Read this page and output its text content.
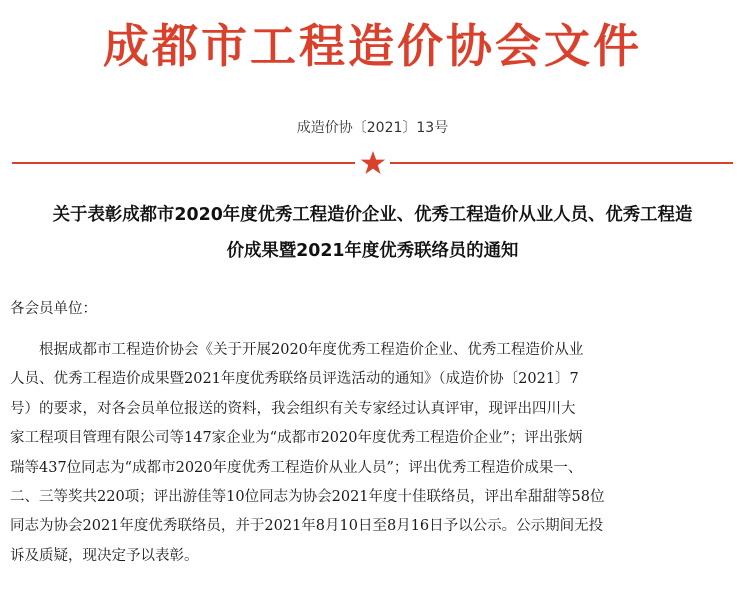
成都市工程造价协会文件
成造价协〔2021〕13号
关于表彰成都市2020年度优秀工程造价企业、优秀工程造价从业人员、优秀工程造
价成果暨2021年度优秀联络员的通知
各会员单位：
根据成都市工程造价协会《关于开展2020年度优秀工程造价企业、优秀工程造价从业
人员、优秀工程造价成果暨2021年度优秀联络员评选活动的通知》（成造价协〔2021〕7
号）的要求，对各会员单位报送的资料，我会组织有关专家经过认真评审，现评出四川大
家工程项目管理有限公司等147家企业为“成都市2020年度优秀工程造价企业”；评出张炳
瑞等437位同志为“成都市2020年度优秀工程造价从业人员”；评出优秀工程造价成果一、
二、三等奖共220项；评出游佳等10位同志为协会2021年度十佳联络员，评出牟甜甜等58位
同志为协会2021年度优秀联络员，并于2021年8月10日至8月16日予以公示。公示期间无投
诉及质疑，现决定予以表彰。
